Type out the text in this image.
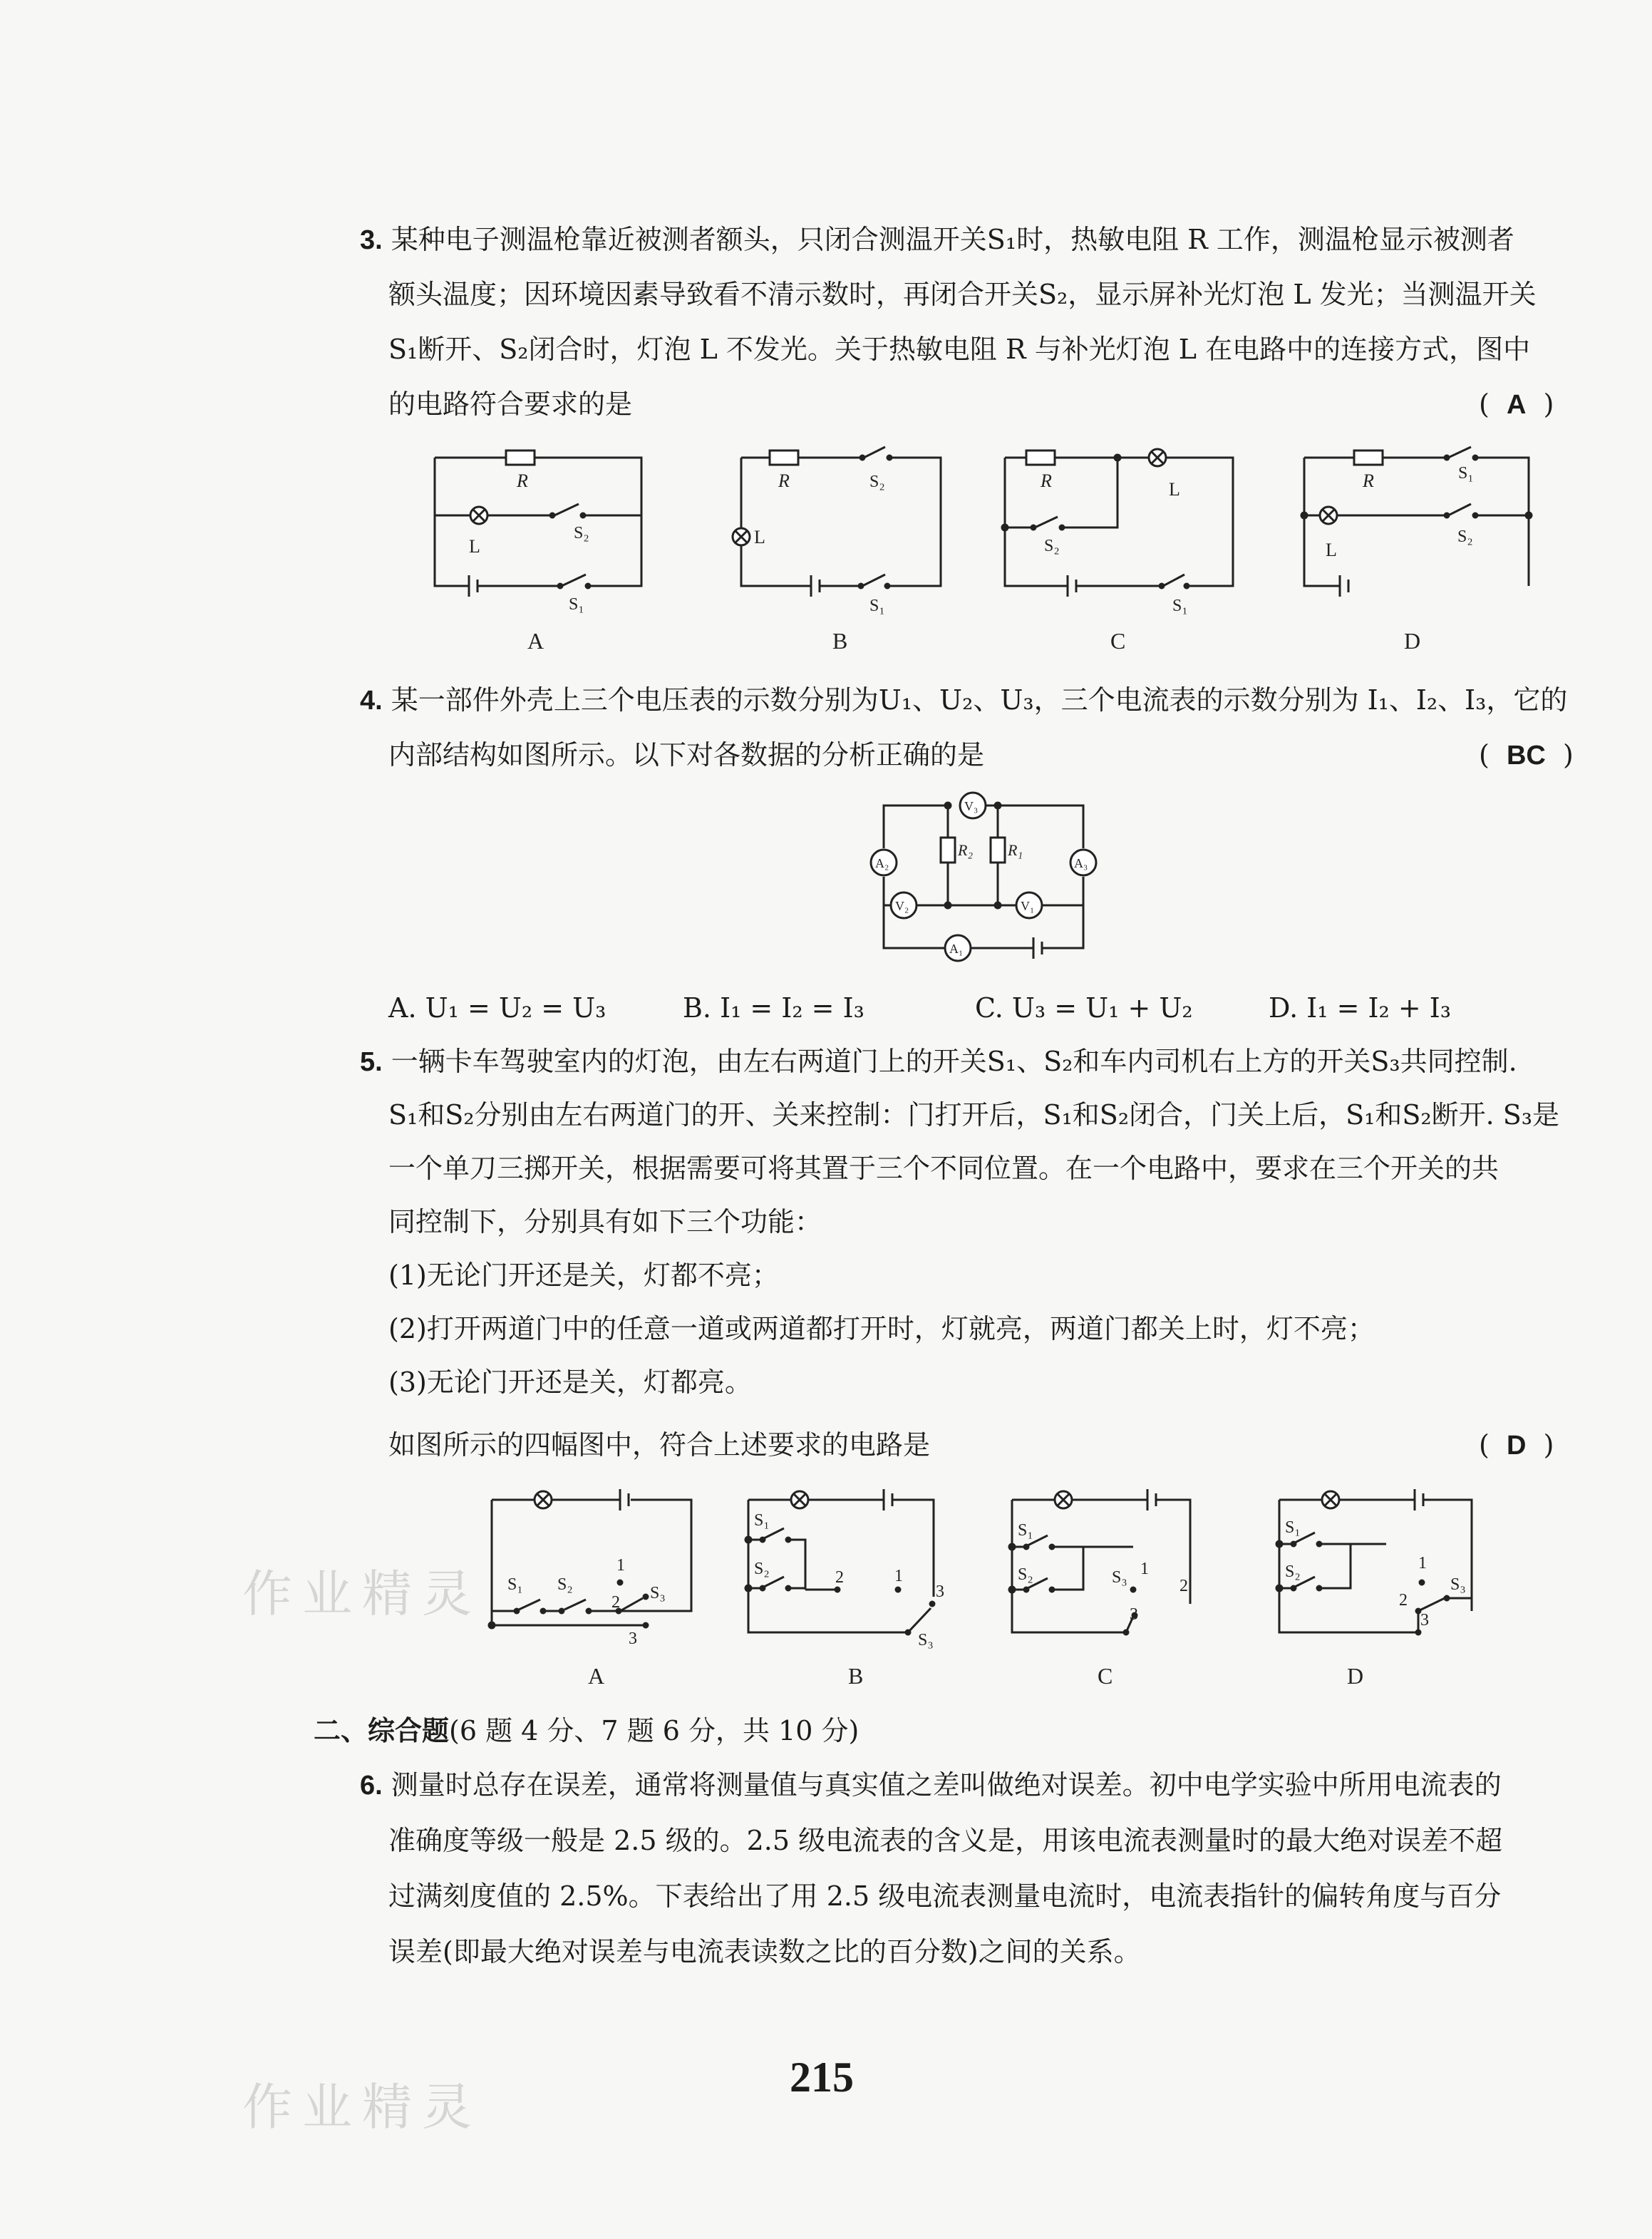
3. 某种电子测温枪靠近被测者额头，只闭合测温开关S₁时，热敏电阻 R 工作，测温枪显示被测者
额头温度；因环境因素导致看不清示数时，再闭合开关S₂，显示屏补光灯泡 L 发光；当测温开关
S₁断开、S₂闭合时，灯泡 L 不发光。关于热敏电阻 R 与补光灯泡 L 在电路中的连接方式，图中
的电路符合要求的是	(  A  )
R
L
S₂
S₁
A
R	S₂
L
S₁
B
R	L
S₂
S₁
C
R	S₁
L
S₂
D
4. 某一部件外壳上三个电压表的示数分别为U₁、U₂、U₃，三个电流表的示数分别为 I₁、I₂、I₃，它的
内部结构如图所示。以下对各数据的分析正确的是	(  BC  )
A₂	A₃
V₃
V₂	V₁
A₁
R₂ R₁
A. U₁ = U₂ = U₃	B. I₁ = I₂ = I₃	C. U₃ = U₁ + U₂	D. I₁ = I₂ + I₃
5. 一辆卡车驾驶室内的灯泡，由左右两道门上的开关S₁、S₂和车内司机右上方的开关S₃共同控制.
S₁和S₂分别由左右两道门的开、关来控制：门打开后，S₁和S₂闭合，门关上后，S₁和S₂断开. S₃是
一个单刀三掷开关，根据需要可将其置于三个不同位置。在一个电路中，要求在三个开关的共
同控制下，分别具有如下三个功能：
(1)无论门开还是关，灯都不亮；
(2)打开两道门中的任意一道或两道都打开时，灯就亮，两道门都关上时，灯不亮；
(3)无论门开还是关，灯都亮。
如图所示的四幅图中，符合上述要求的电路是	(  D  )
S₁ S₂
1
2 S₃
3
A
S₁
S₂	2	1
3
S₃
B
S₁
S₂	S₃ 1
2
3
C
S₁
S₂	1
2
S₃
3
D
二、综合题(6 题 4 分、7 题 6 分，共 10 分)
6. 测量时总存在误差，通常将测量值与真实值之差叫做绝对误差。初中电学实验中所用电流表的
准确度等级一般是 2.5 级的。2.5 级电流表的含义是，用该电流表测量时的最大绝对误差不超
过满刻度值的 2.5%。下表给出了用 2.5 级电流表测量电流时，电流表指针的偏转角度与百分
误差(即最大绝对误差与电流表读数之比的百分数)之间的关系。
作业精灵
作业精灵
215
